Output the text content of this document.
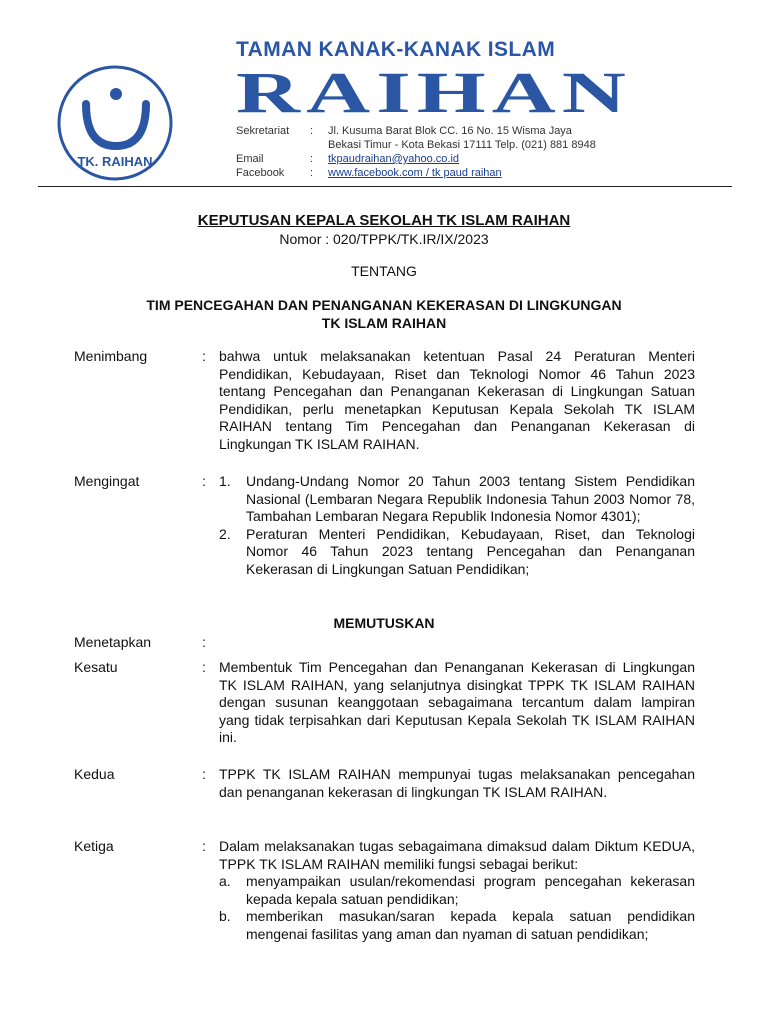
TK. RAIHAN
TAMAN KANAK-KANAK ISLAM
RAIHAN
Sekretariat	:	Jl. Kusuma Barat Blok CC. 16 No. 15 Wisma Jaya
Bekasi Timur - Kota Bekasi 17111 Telp. (021) 881 8948
Email	:	tkpaudraihan@yahoo.co.id
Facebook	:	www.facebook.com / tk paud raihan
KEPUTUSAN KEPALA SEKOLAH TK ISLAM RAIHAN
Nomor : 020/TPPK/TK.IR/IX/2023
TENTANG
TIM PENCEGAHAN DAN PENANGANAN KEKERASAN DI LINGKUNGAN
TK ISLAM RAIHAN
Menimbang	: bahwa untuk melaksanakan ketentuan Pasal 24 Peraturan Menteri Pendidikan, Kebudayaan, Riset dan Teknologi Nomor 46 Tahun 2023 tentang Pencegahan dan Penanganan Kekerasan di Lingkungan Satuan Pendidikan, perlu menetapkan Keputusan Kepala Sekolah TK ISLAM RAIHAN tentang Tim Pencegahan dan Penanganan Kekerasan di Lingkungan TK ISLAM RAIHAN.
Mengingat	: 1.	Undang-Undang Nomor 20 Tahun 2003 tentang Sistem Pendidikan Nasional (Lembaran Negara Republik Indonesia Tahun 2003 Nomor 78, Tambahan Lembaran Negara Republik Indonesia Nomor 4301);
2.	Peraturan Menteri Pendidikan, Kebudayaan, Riset, dan Teknologi Nomor 46 Tahun 2023 tentang Pencegahan dan Penanganan Kekerasan di Lingkungan Satuan Pendidikan;
MEMUTUSKAN
Menetapkan	:
Kesatu	: Membentuk Tim Pencegahan dan Penanganan Kekerasan di Lingkungan TK ISLAM RAIHAN, yang selanjutnya disingkat TPPK TK ISLAM RAIHAN dengan susunan keanggotaan sebagaimana tercantum dalam lampiran yang tidak terpisahkan dari Keputusan Kepala Sekolah TK ISLAM RAIHAN ini.
Kedua	: TPPK TK ISLAM RAIHAN mempunyai tugas melaksanakan pencegahan dan penanganan kekerasan di lingkungan TK ISLAM RAIHAN.
Ketiga	: Dalam melaksanakan tugas sebagaimana dimaksud dalam Diktum KEDUA, TPPK TK ISLAM RAIHAN memiliki fungsi sebagai berikut:
a.	menyampaikan usulan/rekomendasi program pencegahan kekerasan kepada kepala satuan pendidikan;
b.	memberikan masukan/saran kepada kepala satuan pendidikan mengenai fasilitas yang aman dan nyaman di satuan pendidikan;
